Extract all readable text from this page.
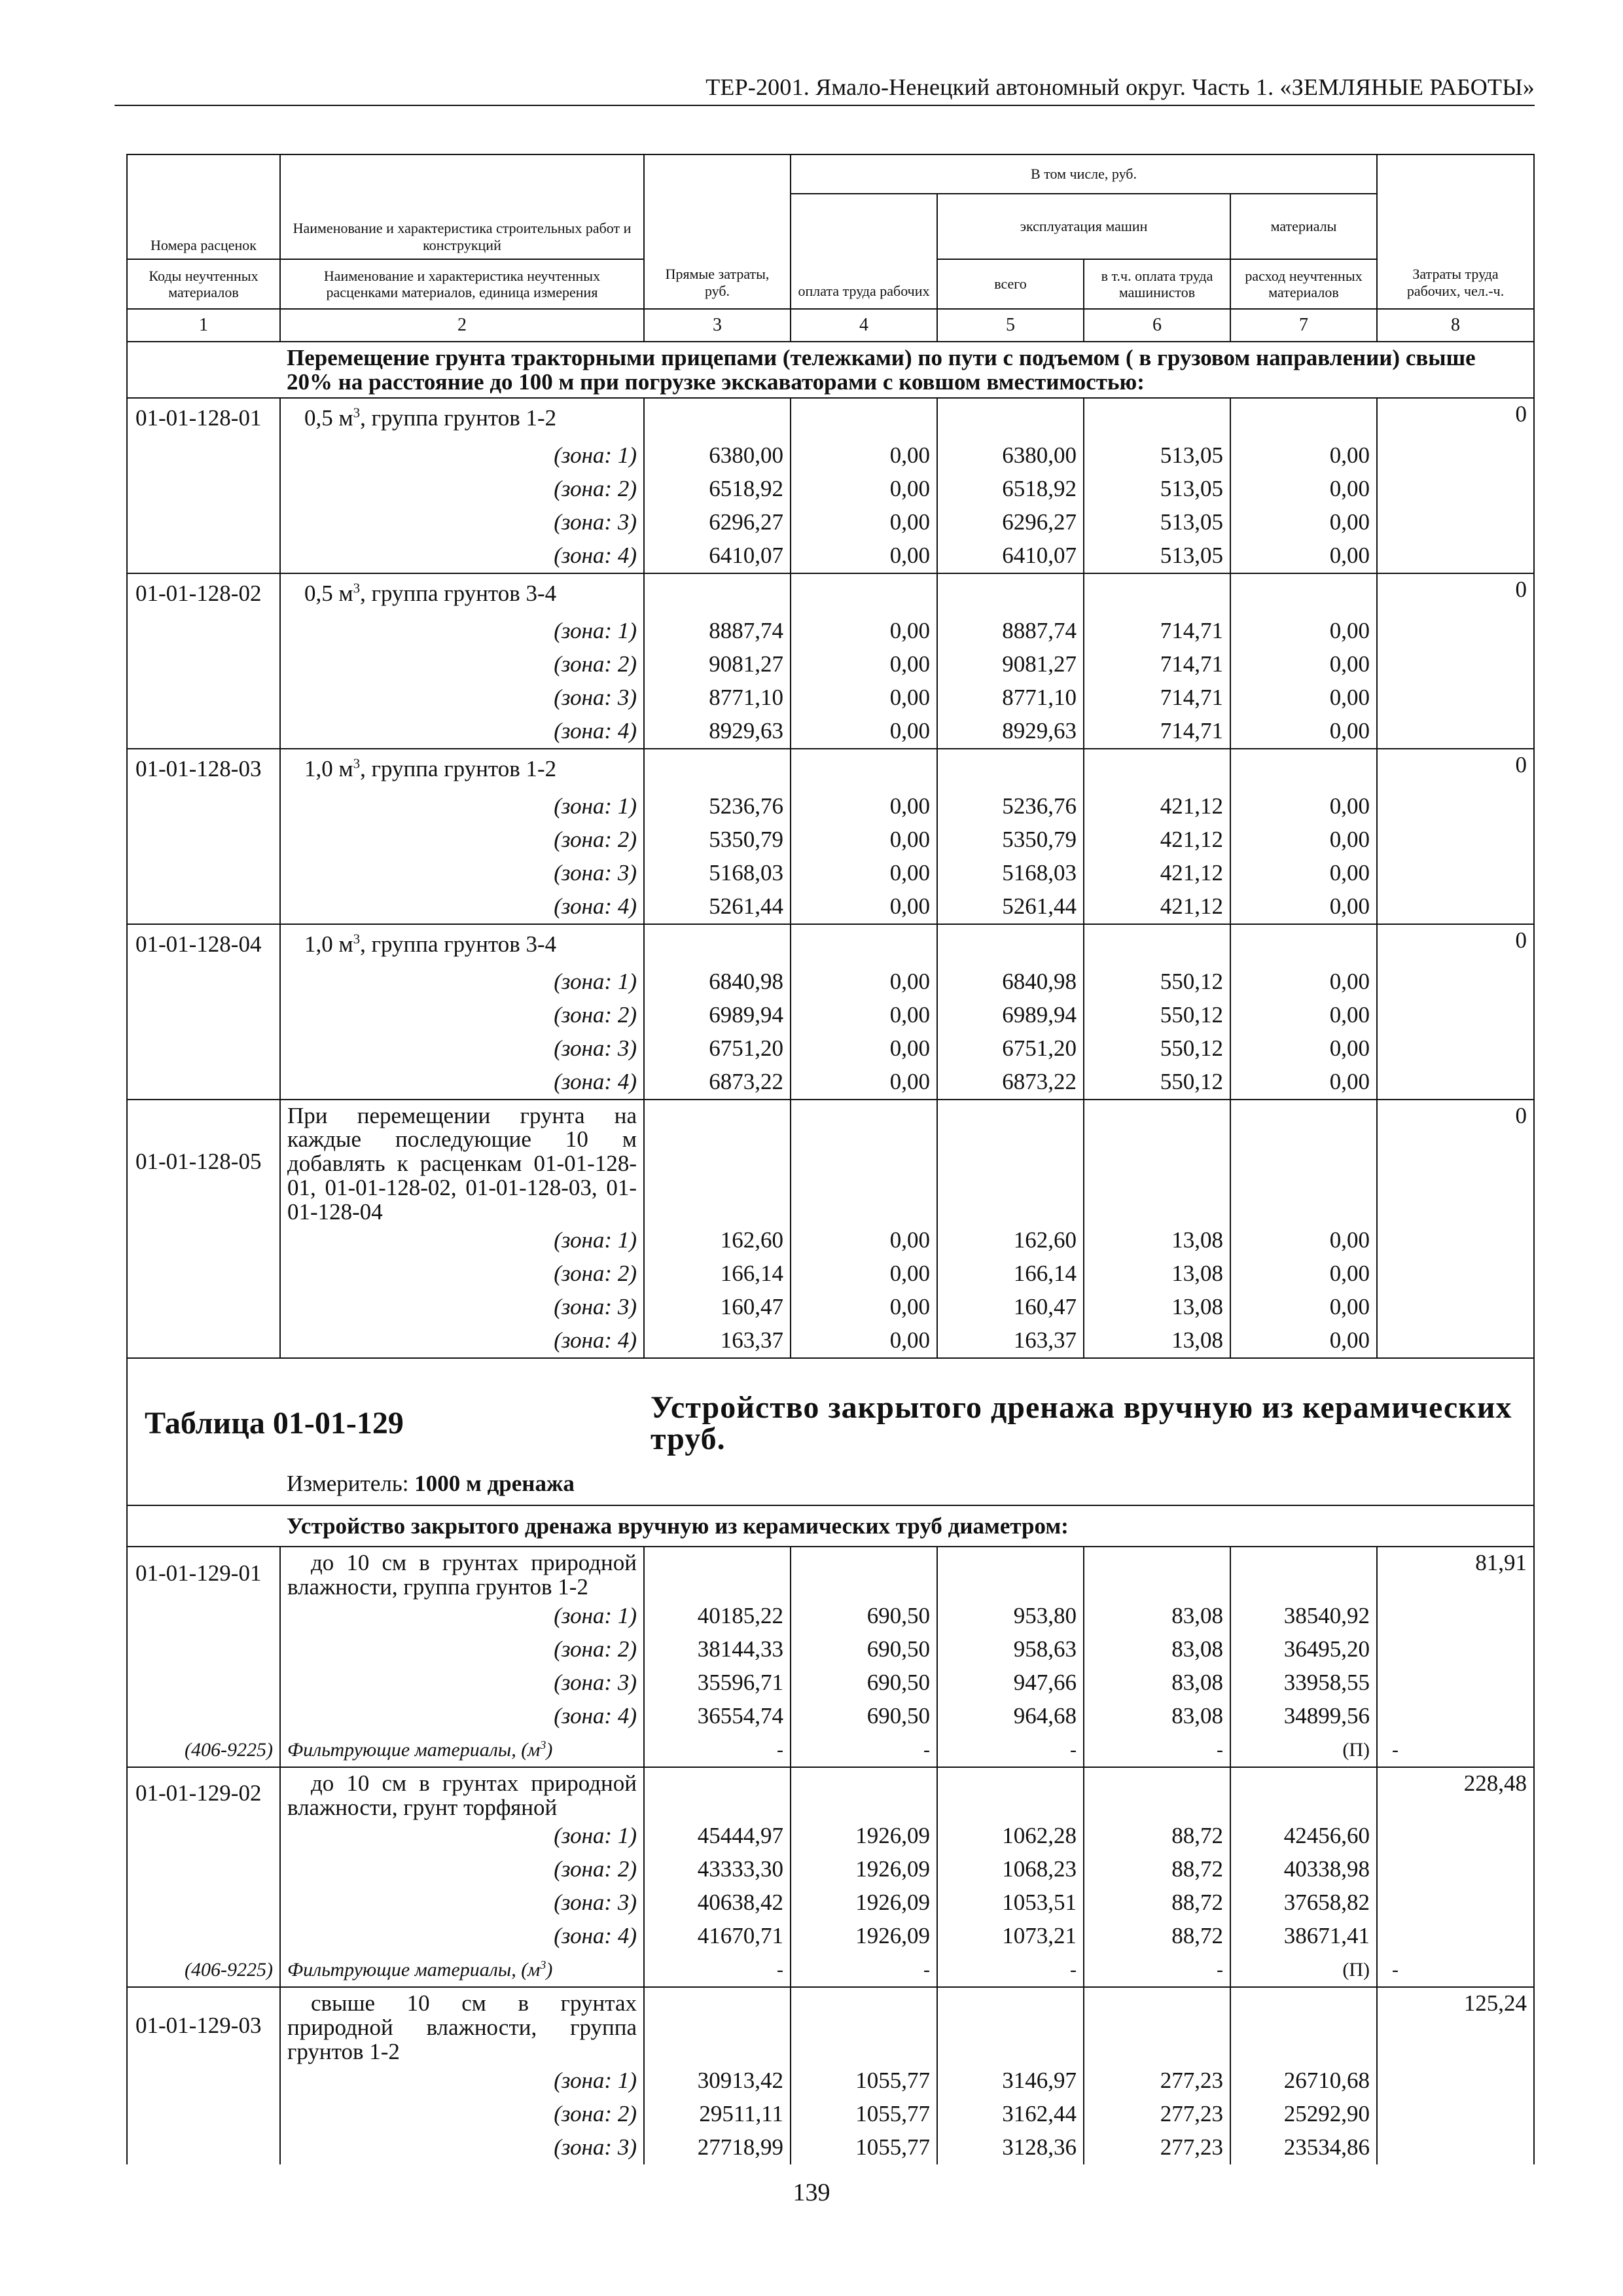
ТЕР-2001. Ямало-Ненецкий автономный округ. Часть 1. «ЗЕМЛЯНЫЕ РАБОТЫ»
Номера расценок	Наименование и характеристика строительных работ и конструкций	Прямые затраты, руб.	В том числе, руб.				Затраты труда рабочих, чел.-ч.
			оплата труда рабочих	эксплуатация машин		материалы	
Коды неучтенных материалов	Наименование и характеристика неучтенных расценками материалов, единица измерения			всего	в т.ч. оплата труда машинистов	расход неучтенных материалов	

1	2	3	4	5	6	7	8
	Перемещение грунта тракторными прицепами (тележками) по пути с подъемом ( в грузовом направлении) свыше 20% на расстояние до 100 м при погрузке экскаваторами с ковшом вместимостью:						
01-01-128-01	0,5 $м^3$, группа грунтов 1-2						0
	(зона: 1)	6380,00	0,00	6380,00	513,05	0,00	
	(зона: 2)	6518,92	0,00	6518,92	513,05	0,00	
	(зона: 3)	6296,27	0,00	6296,27	513,05	0,00	
	(зона: 4)	6410,07	0,00	6410,07	513,05	0,00	
01-01-128-02	0,5 $м^3$, группа грунтов 3-4						0
	(зона: 1)	8887,74	0,00	8887,74	714,71	0,00	
	(зона: 2)	9081,27	0,00	9081,27	714,71	0,00	
	(зона: 3)	8771,10	0,00	8771,10	714,71	0,00	
	(зона: 4)	8929,63	0,00	8929,63	714,71	0,00	
01-01-128-03	1,0 $м^3$, группа грунтов 1-2						0
	(зона: 1)	5236,76	0,00	5236,76	421,12	0,00	
	(зона: 2)	5350,79	0,00	5350,79	421,12	0,00	
	(зона: 3)	5168,03	0,00	5168,03	421,12	0,00	
	(зона: 4)	5261,44	0,00	5261,44	421,12	0,00	
01-01-128-04	1,0 $м^3$, группа грунтов 3-4						0
	(зона: 1)	6840,98	0,00	6840,98	550,12	0,00	
	(зона: 2)	6989,94	0,00	6989,94	550,12	0,00	
	(зона: 3)	6751,20	0,00	6751,20	550,12	0,00	
	(зона: 4)	6873,22	0,00	6873,22	550,12	0,00	
01-01-128-05	При перемещении грунта на каждые последующие 10 м добавлять к расценкам 01-01-128-01, 01-01-128-02, 01-01-128-03, 01-01-128-04						0
	(зона: 1)	162,60	0,00	162,60	13,08	0,00	
	(зона: 2)	166,14	0,00	166,14	13,08	0,00	
	(зона: 3)	160,47	0,00	160,47	13,08	0,00	
	(зона: 4)	163,37	0,00	163,37	13,08	0,00	
Таблица 01-01-129		Устройство закрытого дренажа вручную из керамических труб.					
	Измеритель: 1000 м дренажа						
	Устройство закрытого дренажа вручную из керамических труб диаметром:						
01-01-129-01	до 10 см в грунтах природной влажности, группа грунтов 1-2						81,91
	(зона: 1)	40185,22	690,50	953,80	83,08	38540,92	
	(зона: 2)	38144,33	690,50	958,63	83,08	36495,20	
	(зона: 3)	35596,71	690,50	947,66	83,08	33958,55	
	(зона: 4)	36554,74	690,50	964,68	83,08	34899,56	
(406-9225)	Фильтрующие материалы, $(м^3)$	-	-	-	-	(П)	-
01-01-129-02	до 10 см в грунтах природной влажности, грунт торфяной						228,48
	(зона: 1)	45444,97	1926,09	1062,28	88,72	42456,60	
	(зона: 2)	43333,30	1926,09	1068,23	88,72	40338,98	
	(зона: 3)	40638,42	1926,09	1053,51	88,72	37658,82	
	(зона: 4)	41670,71	1926,09	1073,21	88,72	38671,41	
(406-9225)	Фильтрующие материалы, $(м^3)$	-	-	-	-	(П)	-
01-01-129-03	свыше 10 см в грунтах природной влажности, группа грунтов 1-2						125,24
	(зона: 1)	30913,42	1055,77	3146,97	277,23	26710,68	
	(зона: 2)	29511,11	1055,77	3162,44	277,23	25292,90	
	(зона: 3)	27718,99	1055,77	3128,36	277,23	23534,86	
139
